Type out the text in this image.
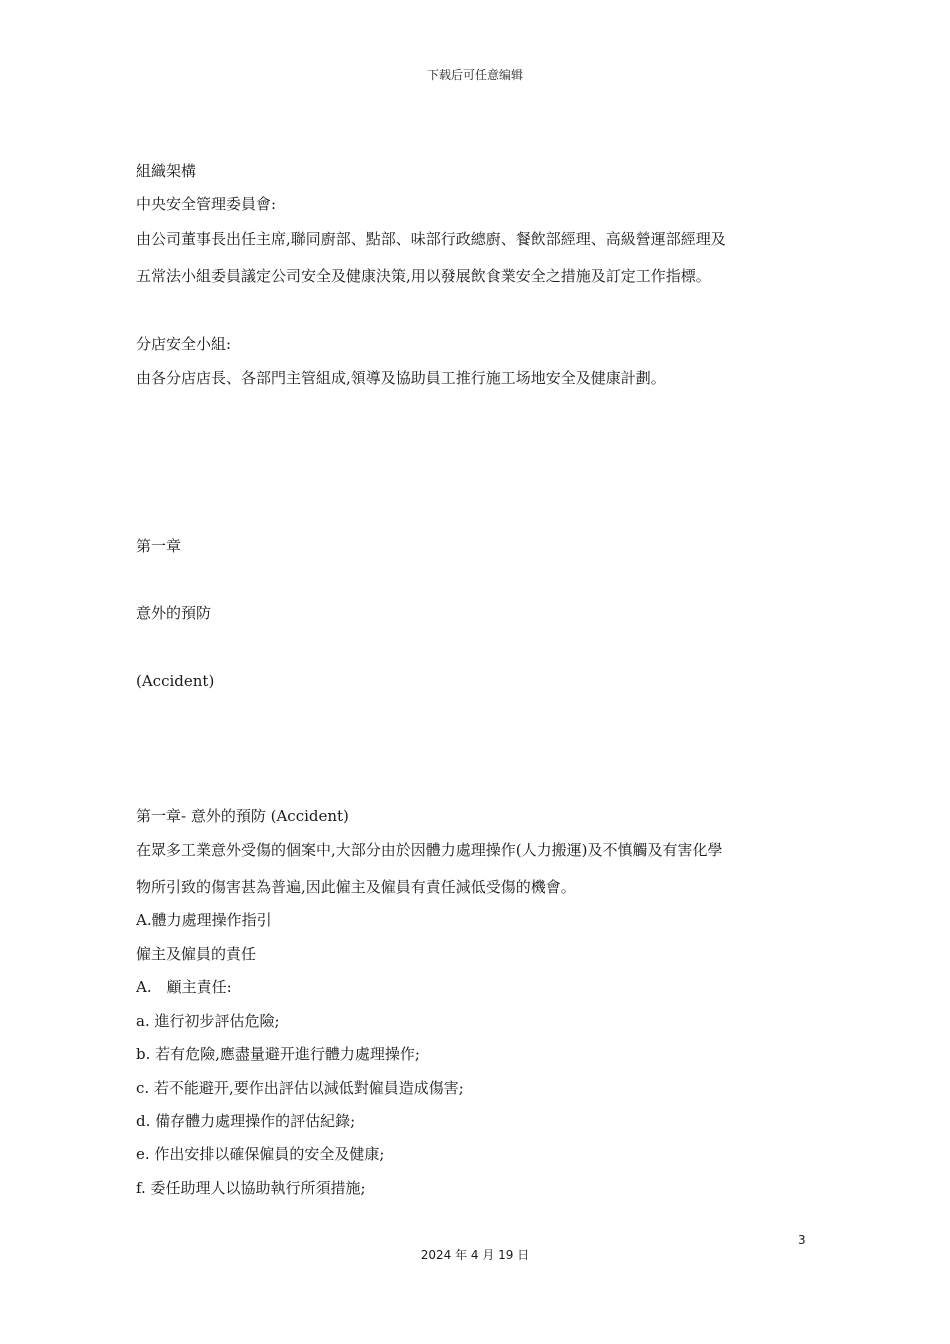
下载后可任意编辑
組織架構
中央安全管理委員會:
由公司董事長出任主席,聯同廚部、點部、味部行政總廚、餐飲部經理、高級營運部經理及
五常法小組委員議定公司安全及健康決策,用以發展飲食業安全之措施及訂定工作指標。
分店安全小組:
由各分店店長、各部門主管組成,領導及協助員工推行施工场地安全及健康計劃。
第一章
意外的預防
(Accident)
第一章- 意外的預防 (Accident)
在眾多工業意外受傷的個案中,大部分由於因體力處理操作(人力搬運)及不慎觸及有害化學
物所引致的傷害甚為普遍,因此僱主及僱員有責任減低受傷的機會。
A.體力處理操作指引
僱主及僱員的責任
A.　顧主責任:
a. 進行初步評估危險;
b. 若有危險,應盡量避开進行體力處理操作;
c. 若不能避开,要作出評估以減低對僱員造成傷害;
d. 備存體力處理操作的評估紀錄;
e. 作出安排以確保僱員的安全及健康;
f. 委任助理人以協助執行所須措施;
3
2024 年 4 月 19 日
